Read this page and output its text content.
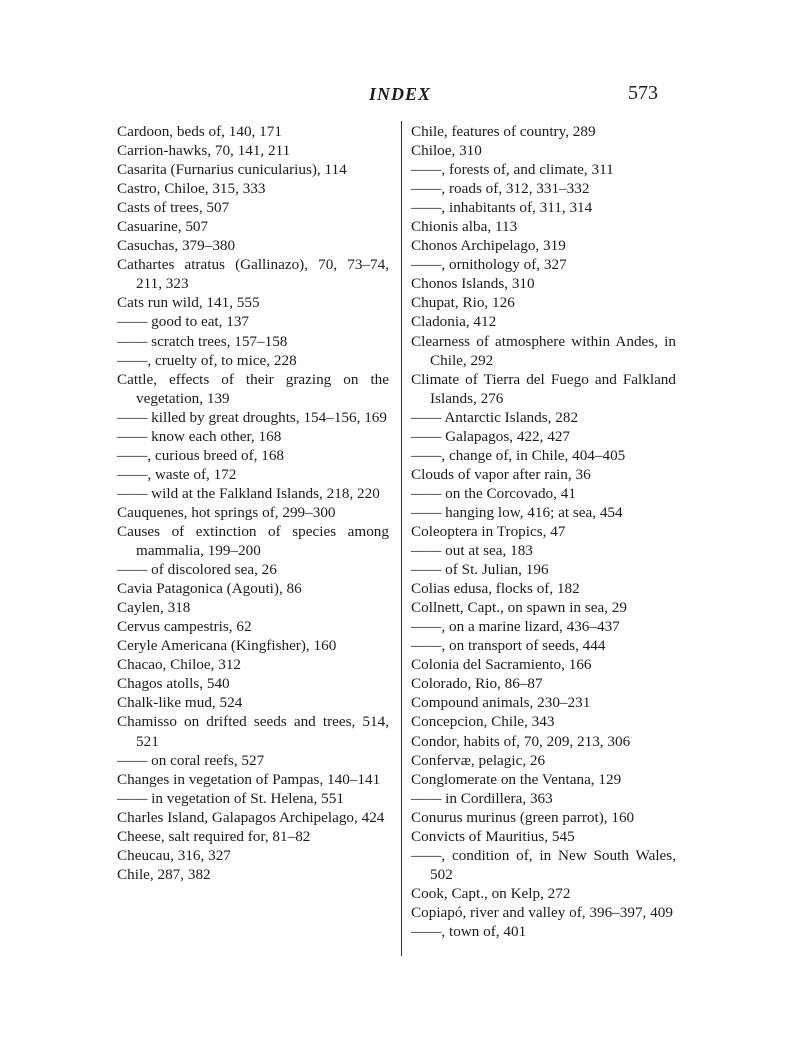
INDEX	573

Cardoon, beds of, 140, 171

Carrion-hawks, 70, 141, 211

Casarita (Furnarius cunicularius), 114

Castro, Chiloe, 315, 333

Casts of trees, 507

Casuarine, 507

Casuchas, 379–380

Cathartes atratus (Gallinazo), 70, 73–74, 211, 323

Cats run wild, 141, 555

—— good to eat, 137

—— scratch trees, 157–158

——, cruelty of, to mice, 228

Cattle, effects of their grazing on the vegetation, 139

—— killed by great droughts, 154–156, 169

—— know each other, 168

——, curious breed of, 168

——, waste of, 172

—— wild at the Falkland Islands, 218, 220

Cauquenes, hot springs of, 299–300

Causes of extinction of species among mammalia, 199–200

—— of discolored sea, 26

Cavia Patagonica (Agouti), 86

Caylen, 318

Cervus campestris, 62

Ceryle Americana (Kingfisher), 160

Chacao, Chiloe, 312

Chagos atolls, 540

Chalk-like mud, 524

Chamisso on drifted seeds and trees, 514, 521

—— on coral reefs, 527

Changes in vegetation of Pampas, 140–141

—— in vegetation of St. Helena, 551

Charles Island, Galapagos Archipelago, 424

Cheese, salt required for, 81–82

Cheucau, 316, 327

Chile, 287, 382

Chile, features of country, 289

Chiloe, 310

——, forests of, and climate, 311

——, roads of, 312, 331–332

——, inhabitants of, 311, 314

Chionis alba, 113

Chonos Archipelago, 319

——, ornithology of, 327

Chonos Islands, 310

Chupat, Rio, 126

Cladonia, 412

Clearness of atmosphere within Andes, in Chile, 292

Climate of Tierra del Fuego and Falkland Islands, 276

—— Antarctic Islands, 282

—— Galapagos, 422, 427

——, change of, in Chile, 404–405

Clouds of vapor after rain, 36

—— on the Corcovado, 41

—— hanging low, 416; at sea, 454

Coleoptera in Tropics, 47

—— out at sea, 183

—— of St. Julian, 196

Colias edusa, flocks of, 182

Collnett, Capt., on spawn in sea, 29

——, on a marine lizard, 436–437

——, on transport of seeds, 444

Colonia del Sacramiento, 166

Colorado, Rio, 86–87

Compound animals, 230–231

Concepcion, Chile, 343

Condor, habits of, 70, 209, 213, 306

Confervæ, pelagic, 26

Conglomerate on the Ventana, 129

—— in Cordillera, 363

Conurus murinus (green parrot), 160

Convicts of Mauritius, 545

——, condition of, in New South Wales, 502

Cook, Capt., on Kelp, 272

Copiapó, river and valley of, 396–397, 409

——, town of, 401
